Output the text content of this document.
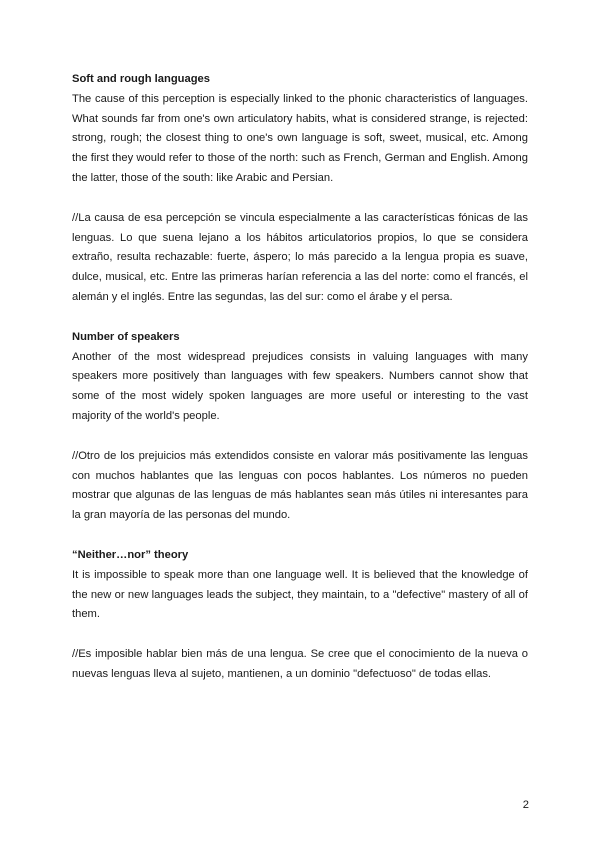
Soft and rough languages

The cause of this perception is especially linked to the phonic characteristics of languages. What sounds far from one's own articulatory habits, what is considered strange, is rejected: strong, rough; the closest thing to one's own language is soft, sweet, musical, etc. Among the first they would refer to those of the north: such as French, German and English. Among the latter, those of the south: like Arabic and Persian.

//La causa de esa percepción se vincula especialmente a las características fónicas de las lenguas. Lo que suena lejano a los hábitos articulatorios propios, lo que se considera extraño, resulta rechazable: fuerte, áspero; lo más parecido a la lengua propia es suave, dulce, musical, etc. Entre las primeras harían referencia a las del norte: como el francés, el alemán y el inglés. Entre las segundas, las del sur: como el árabe y el persa.

Number of speakers

Another of the most widespread prejudices consists in valuing languages with many speakers more positively than languages with few speakers. Numbers cannot show that some of the most widely spoken languages are more useful or interesting to the vast majority of the world's people.

//Otro de los prejuicios más extendidos consiste en valorar más positivamente las lenguas con muchos hablantes que las lenguas con pocos hablantes. Los números no pueden mostrar que algunas de las lenguas de más hablantes sean más útiles ni interesantes para la gran mayoría de las personas del mundo.

“Neither…nor” theory

It is impossible to speak more than one language well. It is believed that the knowledge of the new or new languages leads the subject, they maintain, to a "defective" mastery of all of them.

//Es imposible hablar bien más de una lengua. Se cree que el conocimiento de la nueva o nuevas lenguas lleva al sujeto, mantienen, a un dominio "defectuoso" de todas ellas.

2
